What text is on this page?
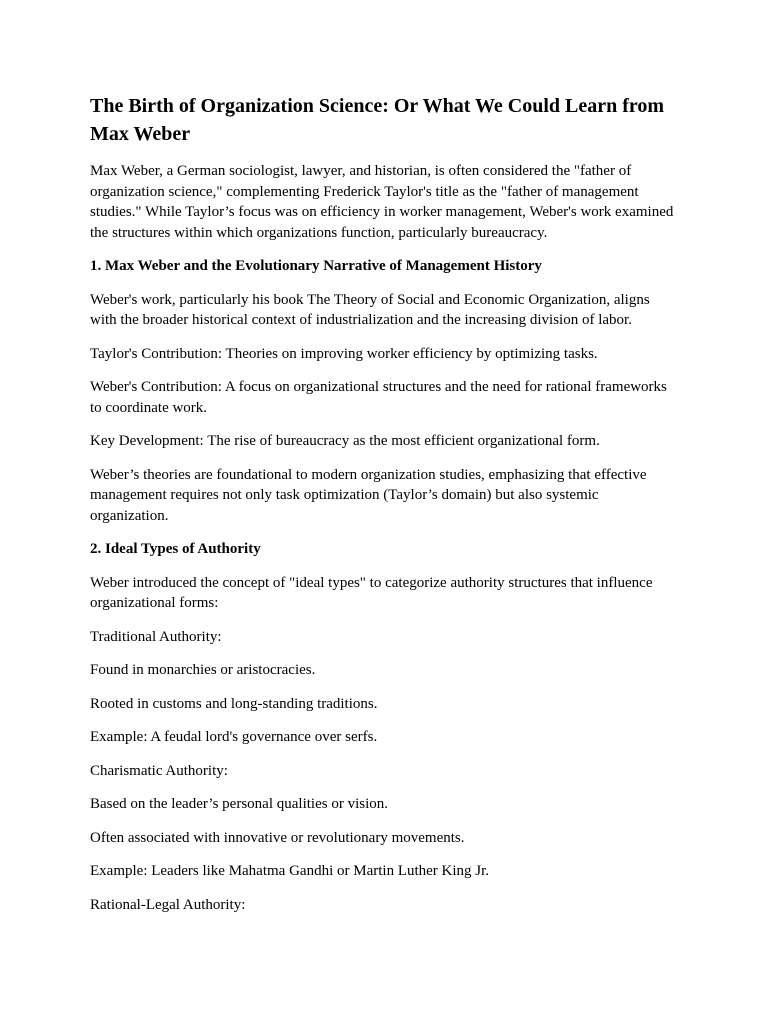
The Birth of Organization Science: Or What We Could Learn from Max Weber

Max Weber, a German sociologist, lawyer, and historian, is often considered the "father of organization science," complementing Frederick Taylor's title as the "father of management studies." While Taylor’s focus was on efficiency in worker management, Weber's work examined the structures within which organizations function, particularly bureaucracy.

1. Max Weber and the Evolutionary Narrative of Management History

Weber's work, particularly his book The Theory of Social and Economic Organization, aligns with the broader historical context of industrialization and the increasing division of labor.

Taylor's Contribution: Theories on improving worker efficiency by optimizing tasks.

Weber's Contribution: A focus on organizational structures and the need for rational frameworks to coordinate work.

Key Development: The rise of bureaucracy as the most efficient organizational form.

Weber’s theories are foundational to modern organization studies, emphasizing that effective management requires not only task optimization (Taylor’s domain) but also systemic organization.

2. Ideal Types of Authority

Weber introduced the concept of "ideal types" to categorize authority structures that influence organizational forms:

Traditional Authority:

Found in monarchies or aristocracies.

Rooted in customs and long-standing traditions.

Example: A feudal lord's governance over serfs.

Charismatic Authority:

Based on the leader’s personal qualities or vision.

Often associated with innovative or revolutionary movements.

Example: Leaders like Mahatma Gandhi or Martin Luther King Jr.

Rational-Legal Authority:
